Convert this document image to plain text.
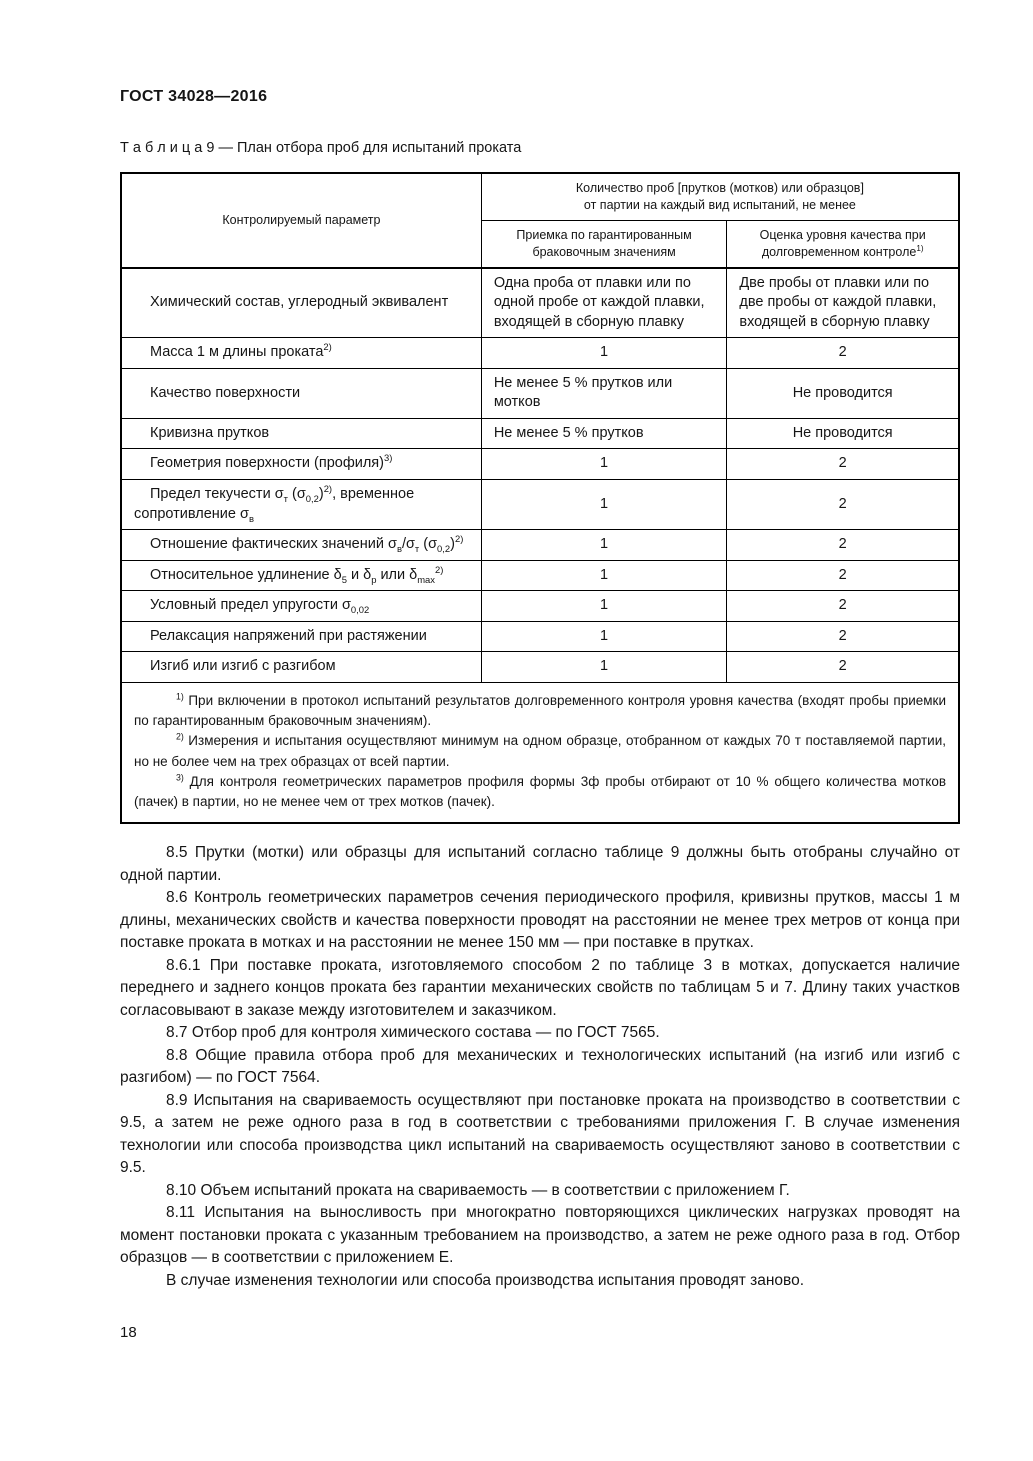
ГОСТ 34028—2016
Т а б л и ц а 9 — План отбора проб для испытаний проката
Контролируемый параметр	Количество проб [прутков (мотков) или образцов]
от партии на каждый вид испытаний, не менее	
	Приемка по гарантированным браковочным значениям	Оценка уровня качества при долговременном контроле$^{1)}$
Химический состав, углеродный эквивалент	Одна проба от плавки или по одной пробе от каждой плавки, входящей в сборную плавку	Две пробы от плавки или по две пробы от каждой плавки, входящей в сборную плавку
Масса 1 м длины проката$^{2)}$	1	2
Качество поверхности	Не менее 5 % прутков или мотков	Не проводится
Кривизна прутков	Не менее 5 % прутков	Не проводится
Геометрия поверхности (профиля)$^{3)}$	1	2
Предел текучести $\sigma_т$ $(\sigma_{0,2})^{2)}$, временное сопротивление $\sigma_в$	1	2
Отношение фактических значений $\sigma_в/\sigma_т$ $(\sigma_{0,2})^{2)}$	1	2
Относительное удлинение $\delta_5$ и $\delta_р$ или $\delta_{max}^{2)}$	1	2
Условный предел упругости $\sigma_{0,02}$	1	2
Релаксация напряжений при растяжении	1	2
Изгиб или изгиб с разгибом	1	2

$^{1)}$ При включении в протокол испытаний результатов долговременного контроля уровня качества (входят пробы приемки по гарантированным браковочным значениям).

$^{2)}$ Измерения и испытания осуществляют минимум на одном образце, отобранном от каждых 70 т поставляемой партии, но не более чем на трех образцах от всей партии.

$^{3)}$ Для контроля геометрических параметров профиля формы 3ф пробы отбирают от 10 % общего количества мотков (пачек) в партии, но не менее чем от трех мотков (пачек).		

8.5 Прутки (мотки) или образцы для испытаний согласно таблице 9 должны быть отобраны случайно от одной партии.

8.6 Контроль геометрических параметров сечения периодического профиля, кривизны прутков, массы 1 м длины, механических свойств и качества поверхности проводят на расстоянии не менее трех метров от конца при поставке проката в мотках и на расстоянии не менее 150 мм — при поставке в прутках.

8.6.1 При поставке проката, изготовляемого способом 2 по таблице 3 в мотках, допускается наличие переднего и заднего концов проката без гарантии механических свойств по таблицам 5 и 7. Длину таких участков согласовывают в заказе между изготовителем и заказчиком.

8.7 Отбор проб для контроля химического состава — по ГОСТ 7565.

8.8 Общие правила отбора проб для механических и технологических испытаний (на изгиб или изгиб с разгибом) — по ГОСТ 7564.

8.9 Испытания на свариваемость осуществляют при постановке проката на производство в соответствии с 9.5, а затем не реже одного раза в год в соответствии с требованиями приложения Г. В случае изменения технологии или способа производства цикл испытаний на свариваемость осуществляют заново в соответствии с 9.5.

8.10 Объем испытаний проката на свариваемость — в соответствии с приложением Г.

8.11 Испытания на выносливость при многократно повторяющихся циклических нагрузках проводят на момент постановки проката с указанным требованием на производство, а затем не реже одного раза в год. Отбор образцов — в соответствии с приложением Е.

В случае изменения технологии или способа производства испытания проводят заново.

18
